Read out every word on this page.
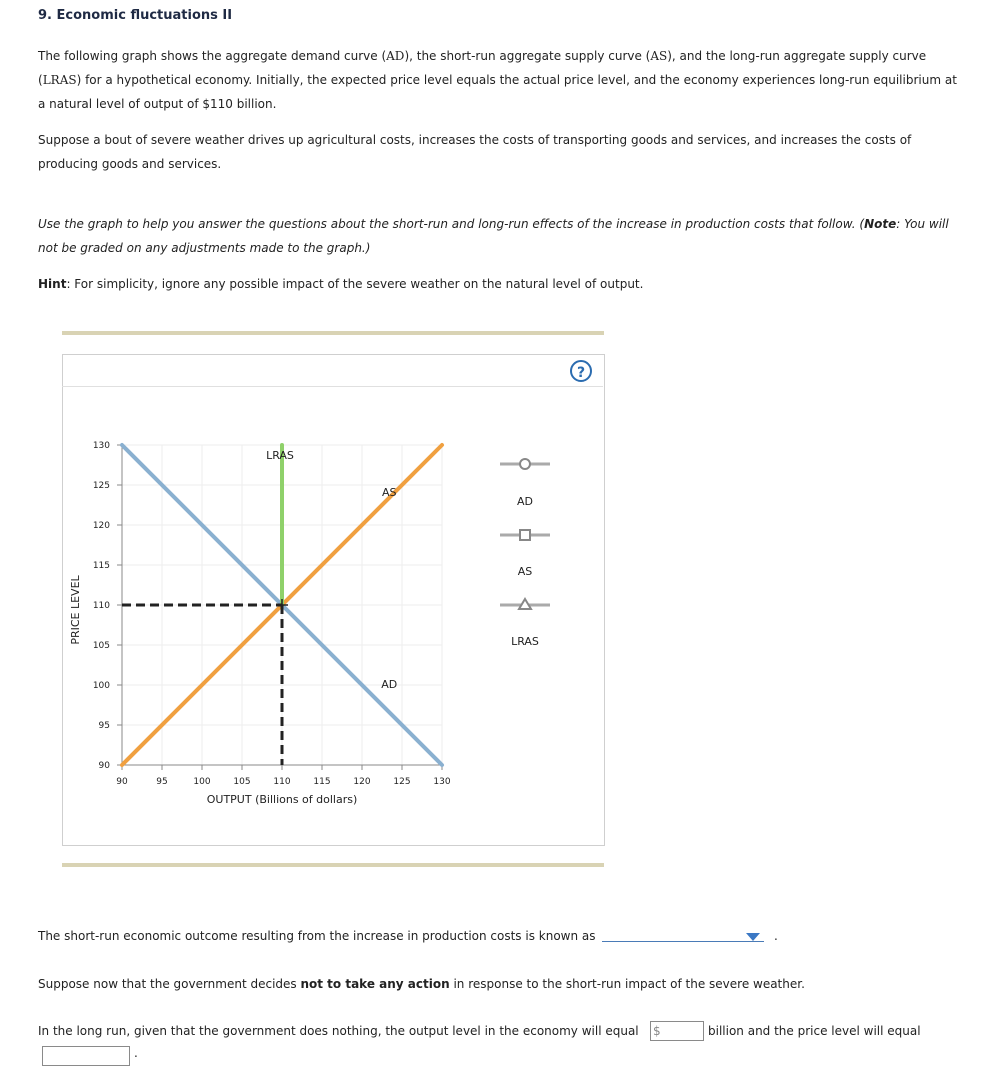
9. Economic fluctuations II
The following graph shows the aggregate demand curve (AD), the short-run aggregate supply curve (AS), and the long-run aggregate supply curve (LRAS) for a hypothetical economy. Initially, the expected price level equals the actual price level, and the economy experiences long-run equilibrium at a natural level of output of $110 billion.
Suppose a bout of severe weather drives up agricultural costs, increases the costs of transporting goods and services, and increases the costs of producing goods and services.
Use the graph to help you answer the questions about the short-run and long-run effects of the increase in production costs that follow. (Note: You will not be graded on any adjustments made to the graph.)
Hint: For simplicity, ignore any possible impact of the severe weather on the natural level of output.
?
90	95	100	105	110	115	120	125	130
90
95
100
105
110
115
120
125
130
LRAS
AS
AD
AD
AS
LRAS
PRICE LEVEL
OUTPUT (Billions of dollars)
The short-run economic outcome resulting from the increase in production costs is known as	.
Suppose now that the government decides not to take any action in response to the short-run impact of the severe weather.
In the long run, given that the government does nothing, the output level in the economy will equal $	billion and the price level will equal
.
